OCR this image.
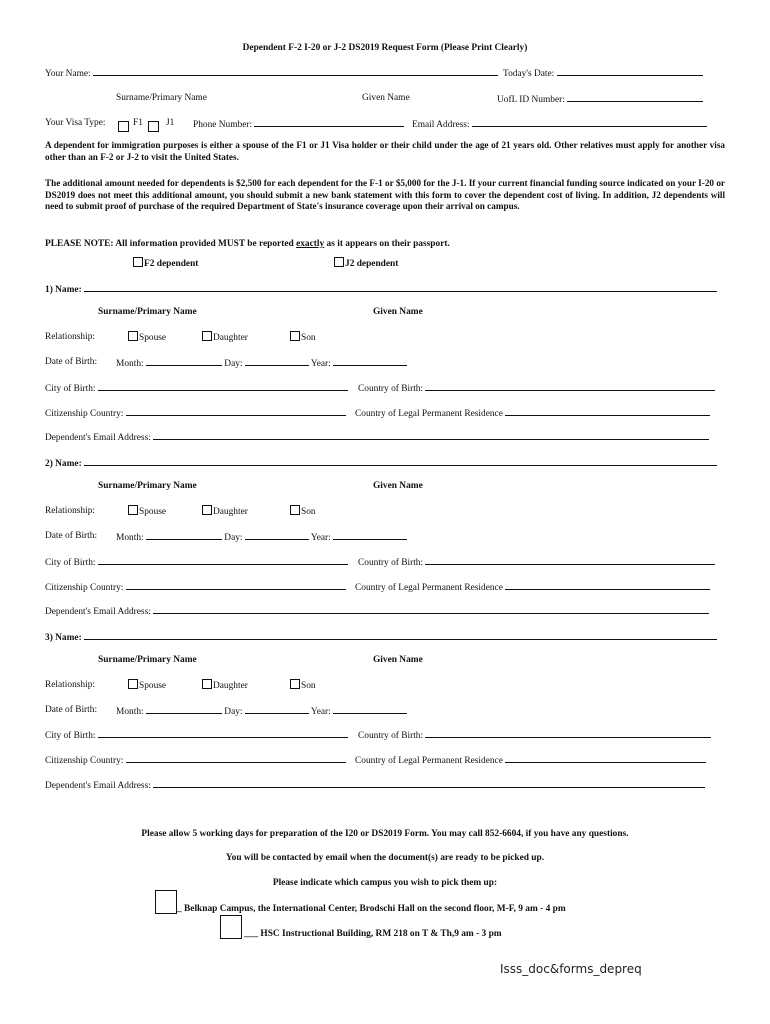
Dependent F-2 I-20 or J-2 DS2019 Request Form (Please Print Clearly)
Your Name:	Today's Date:
Surname/Primary Name	Given Name	UofL ID Number:
Your Visa Type:	F1 J1 Phone Number:	Email Address:
A dependent for immigration purposes is either a spouse of the F1 or J1 Visa holder or their child under the age of 21 years old. Other relatives must apply for another visa other than an F-2 or J-2 to visit the United States.
The additional amount needed for dependents is $2,500 for each dependent for the F-1 or $5,000 for the J-1. If your current financial funding source indicated on your I-20 or DS2019 does not meet this additional amount, you should submit a new bank statement with this form to cover the dependent cost of living. In addition, J2 dependents will need to submit proof of purchase of the required Department of State's insurance coverage upon their arrival on campus.
PLEASE NOTE: All information provided MUST be reported exactly as it appears on their passport.
F2 dependent	J2 dependent
1) Name:
Surname/Primary Name	Given Name
Relationship:	Spouse	Daughter	Son
Date of Birth: Month:	Day:	Year:
City of Birth:	Country of Birth:
Citizenship Country:	Country of Legal Permanent Residence
Dependent's Email Address:
2) Name:
Surname/Primary Name	Given Name
Relationship:	Spouse	Daughter	Son
Date of Birth: Month:	Day:	Year:
City of Birth:	Country of Birth:
Citizenship Country:	Country of Legal Permanent Residence
Dependent's Email Address:
3) Name:
Surname/Primary Name	Given Name
Relationship:	Spouse	Daughter	Son
Date of Birth: Month:	Day:	Year:
City of Birth:	Country of Birth:
Citizenship Country:	Country of Legal Permanent Residence
Dependent's Email Address:
Please allow 5 working days for preparation of the I20 or DS2019 Form. You may call 852-6604, if you have any questions.
You will be contacted by email when the document(s) are ready to be picked up.
Please indicate which campus you wish to pick them up:
_ Belknap Campus, the International Center, Brodschi Hall on the second floor, M-F, 9 am - 4 pm
___ HSC Instructional Building, RM 218 on T & Th,9 am - 3 pm
Isss_doc&forms_depreq
